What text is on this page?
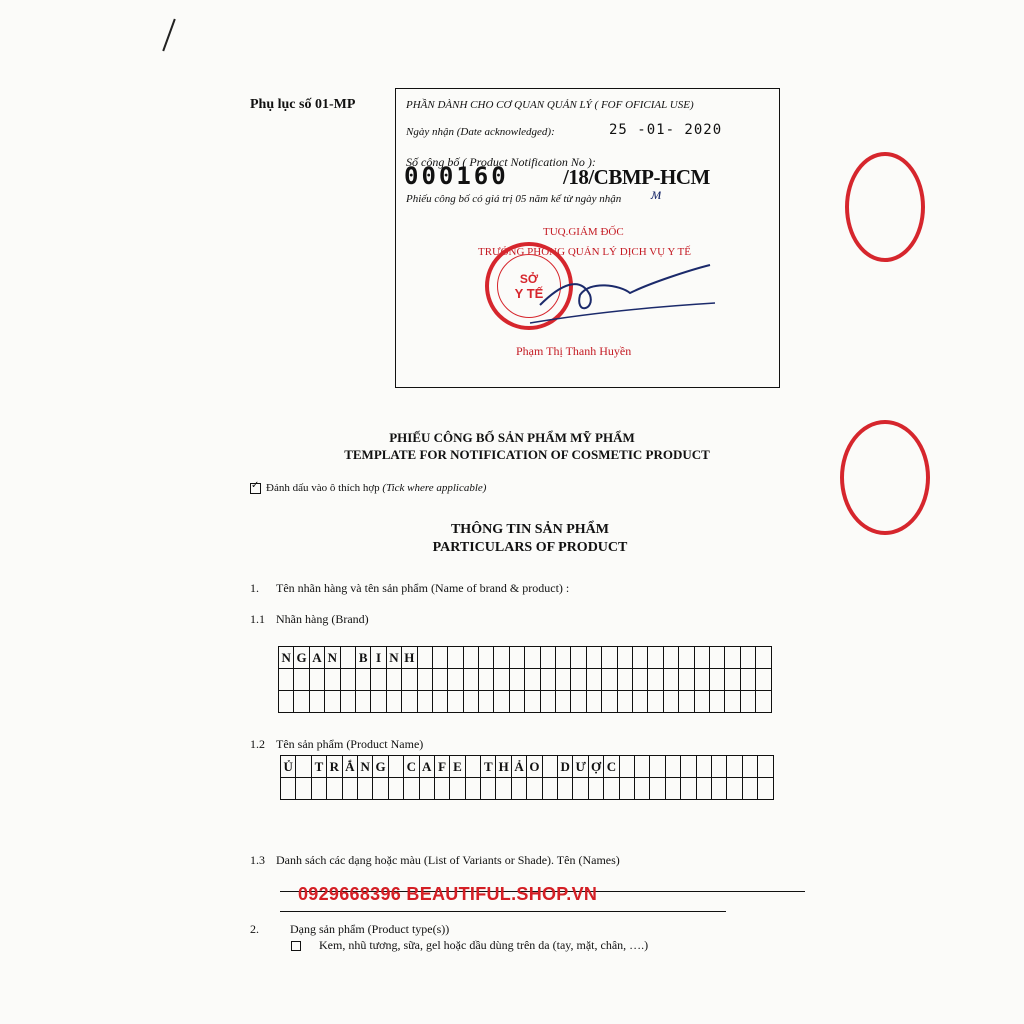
Phụ lục số 01-MP	PHẦN DÀNH CHO CƠ QUAN QUẢN LÝ ( FOF OFICIAL USE)
Ngày nhận (Date acknowledged):	25 -01- 2020
Số công bố ( Product Notification No ):
000160	/18/CBMP-HCM
Phiếu công bố có giá trị 05 năm kể từ ngày nhận ᴍ
TUQ.GIÁM ĐỐC
TRƯỞNG PHÒNG QUẢN LÝ DỊCH VỤ Y TẾ
Phạm Thị Thanh Huyền
SỞ
Y TẾ
PHIẾU CÔNG BỐ SẢN PHẨM MỸ PHẨM
TEMPLATE FOR NOTIFICATION OF COSMETIC PRODUCT
✓Đánh dấu vào ô thích hợp (Tick where applicable)
THÔNG TIN SẢN PHẨM
PARTICULARS OF PRODUCT
1. Tên nhãn hàng và tên sản phẩm (Name of brand & product) :
1.1 Nhãn hàng (Brand)
N	G	A	N		B	I	N	H																							

1.2 Tên sản phẩm (Product Name)
Ủ		T	R	Ắ	N	G		C	A	F	E		T	H	Ả	O		D	Ư	Ợ	C										

1.3 Danh sách các dạng hoặc màu (List of Variants or Shade). Tên (Names)
0929668396 BEAUTIFUL.SHOP.VN
2.	Dạng sản phẩm (Product type(s))
Kem, nhũ tương, sữa, gel hoặc dầu dùng trên da (tay, mặt, chân, ….)
